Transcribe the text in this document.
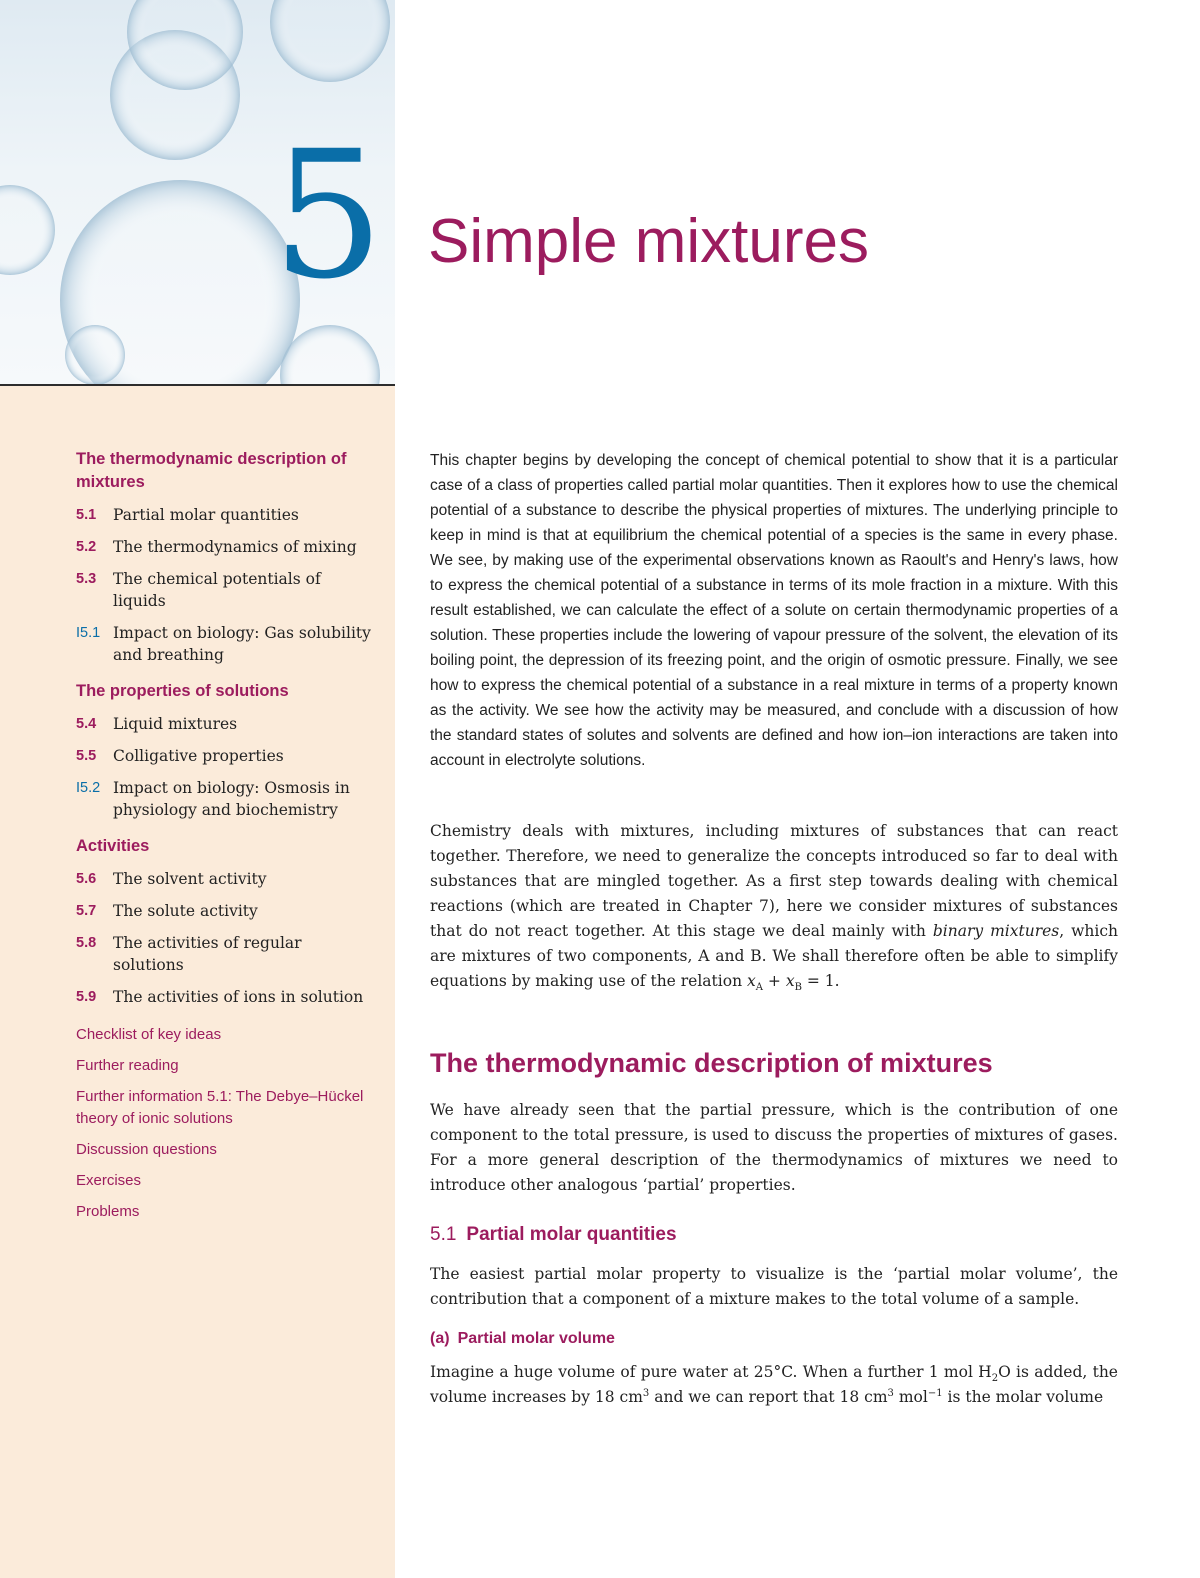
5 Simple mixtures
The thermodynamic description of mixtures
5.1	Partial molar quantities
5.2	The thermodynamics of mixing
5.3	The chemical potentials of liquids
I5.1 Impact on biology: Gas solubility and breathing
The properties of solutions
5.4	Liquid mixtures
5.5	Colligative properties
I5.2 Impact on biology: Osmosis in physiology and biochemistry
Activities
5.6	The solvent activity
5.7	The solute activity
5.8	The activities of regular solutions
5.9	The activities of ions in solution
Checklist of key ideas
Further reading
Further information 5.1: The Debye–Hückel theory of ionic solutions
Discussion questions
Exercises
Problems

This chapter begins by developing the concept of chemical potential to show that it is a particular case of a class of properties called partial molar quantities. Then it explores how to use the chemical potential of a substance to describe the physical properties of mixtures. The underlying principle to keep in mind is that at equilibrium the chemical potential of a species is the same in every phase. We see, by making use of the experimental observations known as Raoult's and Henry's laws, how to express the chemical potential of a substance in terms of its mole fraction in a mixture. With this result established, we can calculate the effect of a solute on certain thermodynamic properties of a solution. These properties include the lowering of vapour pressure of the solvent, the elevation of its boiling point, the depression of its freezing point, and the origin of osmotic pressure. Finally, we see how to express the chemical potential of a substance in a real mixture in terms of a property known as the activity. We see how the activity may be measured, and conclude with a discussion of how the standard states of solutes and solvents are defined and how ion–ion interactions are taken into account in electrolyte solutions.

Chemistry deals with mixtures, including mixtures of substances that can react together. Therefore, we need to generalize the concepts introduced so far to deal with substances that are mingled together. As a first step towards dealing with chemical reactions (which are treated in Chapter 7), here we consider mixtures of substances that do not react together. At this stage we deal mainly with binary mixtures, which are mixtures of two components, A and B. We shall therefore often be able to simplify equations by making use of the relation $x_A + x_B = 1$.

The thermodynamic description of mixtures

We have already seen that the partial pressure, which is the contribution of one component to the total pressure, is used to discuss the properties of mixtures of gases. For a more general description of the thermodynamics of mixtures we need to introduce other analogous ‘partial’ properties.

5.1 Partial molar quantities

The easiest partial molar property to visualize is the ‘partial molar volume’, the contribution that a component of a mixture makes to the total volume of a sample.

(a) Partial molar volume

Imagine a huge volume of pure water at 25°C. When a further 1 mol $H_2O$ is added, the volume increases by 18 $cm^3$ and we can report that 18 $cm^3$ mol$^{-1}$ is the molar volume
